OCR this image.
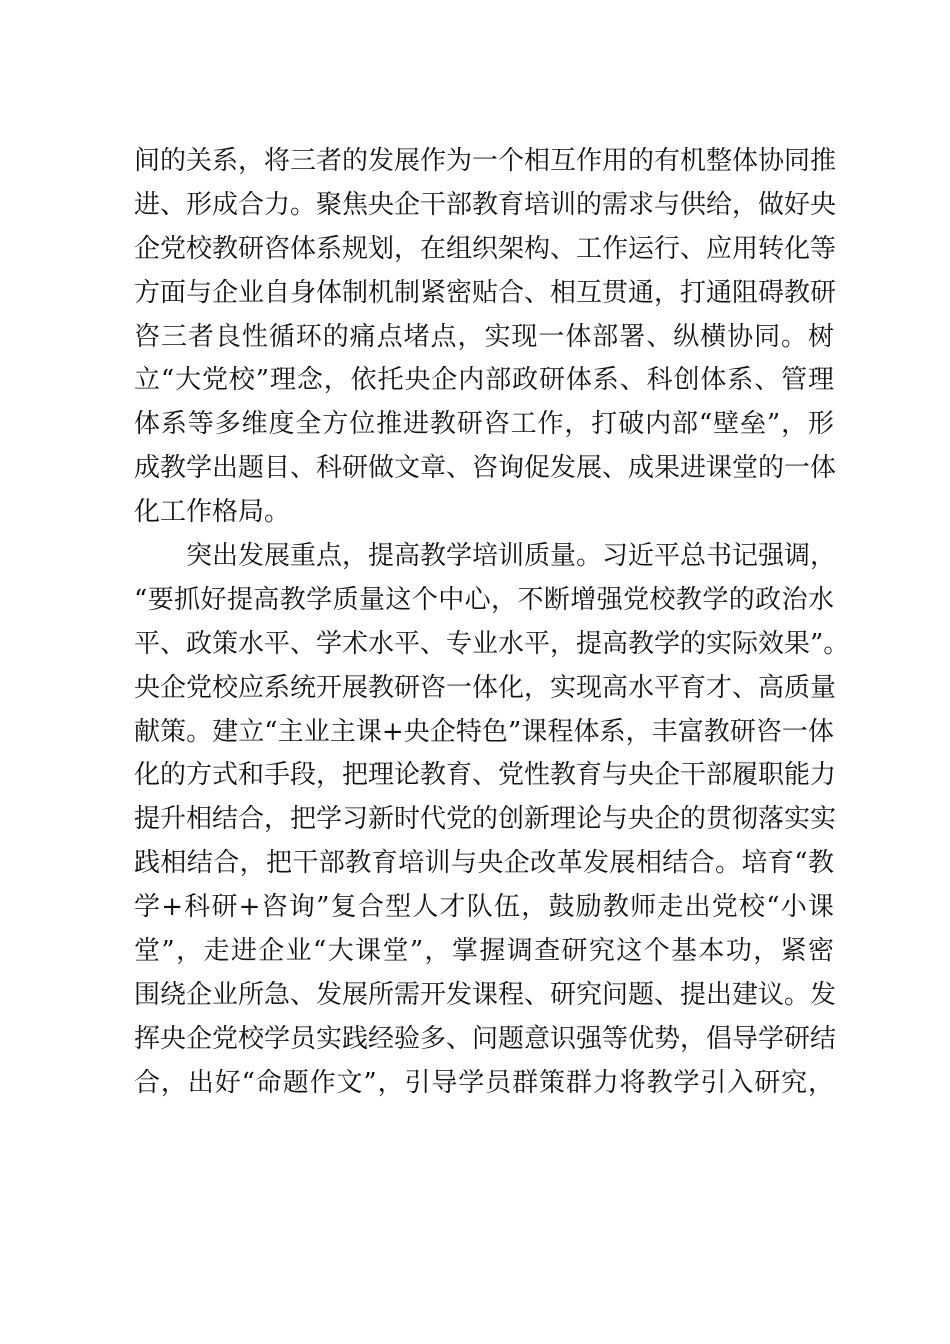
间的关系，将三者的发展作为一个相互作用的有机整体协同推
进、形成合力。聚焦央企干部教育培训的需求与供给，做好央
企党校教研咨体系规划，在组织架构、工作运行、应用转化等
方面与企业自身体制机制紧密贴合、相互贯通，打通阻碍教研
咨三者良性循环的痛点堵点，实现一体部署、纵横协同。树
立“大党校”理念，依托央企内部政研体系、科创体系、管理
体系等多维度全方位推进教研咨工作，打破内部“壁垒”，形
成教学出题目、科研做文章、咨询促发展、成果进课堂的一体
化工作格局。
突出发展重点，提高教学培训质量。习近平总书记强调，
“要抓好提高教学质量这个中心，不断增强党校教学的政治水
平、政策水平、学术水平、专业水平，提高教学的实际效果”。
央企党校应系统开展教研咨一体化，实现高水平育才、高质量
献策。建立“主业主课+央企特色”课程体系，丰富教研咨一体
化的方式和手段，把理论教育、党性教育与央企干部履职能力
提升相结合，把学习新时代党的创新理论与央企的贯彻落实实
践相结合，把干部教育培训与央企改革发展相结合。培育“教
学+科研+咨询”复合型人才队伍，鼓励教师走出党校“小课
堂”，走进企业“大课堂”，掌握调查研究这个基本功，紧密
围绕企业所急、发展所需开发课程、研究问题、提出建议。发
挥央企党校学员实践经验多、问题意识强等优势，倡导学研结
合，出好“命题作文”，引导学员群策群力将教学引入研究，
